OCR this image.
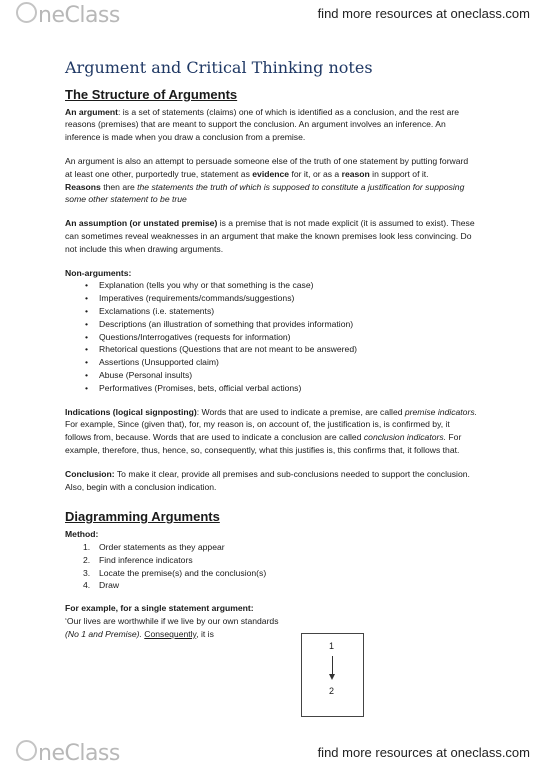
neClass	find more resources at oneclass.com
Argument and Critical Thinking notes
The Structure of Arguments

An argument: is a set of statements (claims) one of which is identified as a conclusion, and the rest are reasons (premises) that are meant to support the conclusion. An argument involves an inference. An inference is made when you draw a conclusion from a premise.

An argument is also an attempt to persuade someone else of the truth of one statement by putting forward at least one other, purportedly true, statement as evidence for it, or as a reason in support of it.

Reasons then are the statements the truth of which is supposed to constitute a justification for supposing some other statement to be true

An assumption (or unstated premise) is a premise that is not made explicit (it is assumed to exist). These can sometimes reveal weaknesses in an argument that make the known premises look less convincing. Do not include this when drawing arguments.

Non-arguments:
• Explanation (tells you why or that something is the case)
• Imperatives (requirements/commands/suggestions)
• Exclamations (i.e. statements)
• Descriptions (an illustration of something that provides information)
• Questions/Interrogatives (requests for information)
• Rhetorical questions (Questions that are not meant to be answered)
• Assertions (Unsupported claim)
• Abuse (Personal insults)
• Performatives (Promises, bets, official verbal actions)

Indications (logical signposting): Words that are used to indicate a premise, are called premise indicators. For example, Since (given that), for, my reason is, on account of, the justification is, is confirmed by, it follows from, because. Words that are used to indicate a conclusion are called conclusion indicators. For example, therefore, thus, hence, so, consequently, what this justifies is, this confirms that, it follows that.

Conclusion: To make it clear, provide all premises and sub-conclusions needed to support the conclusion. Also, begin with a conclusion indication.

Diagramming Arguments
Method:
1. Order statements as they appear
2. Find inference indicators
3. Locate the premise(s) and the conclusion(s)
4. Draw
For example, for a single statement argument:
‘Our lives are worthwhile if we live by our own standards (No 1 and Premise). Consequently, it is
1
2
neClass	find more resources at oneclass.com
